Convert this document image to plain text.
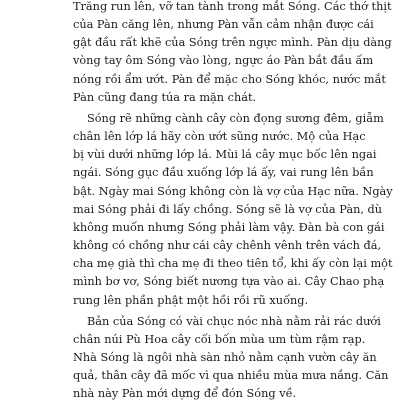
Trăng run lên, vỡ tan tành trong mắt Sóng. Các thớ thịt
của Pàn căng lên, nhưng Pàn vẫn cảm nhận được cái
gật đầu rất khẽ của Sóng trên ngực mình. Pàn dịu dàng
vòng tay ôm Sóng vào lòng, ngực áo Pàn bắt đầu ấm
nóng rồi ẩm ướt. Pàn để mặc cho Sóng khóc, nước mắt
Pàn cũng đang túa ra mặn chát.

Sóng rẽ những cành cây còn đọng sương đêm, giẫm
chân lên lớp lá hãy còn ướt sũng nước. Mộ của Hạc
bị vùi dưới những lớp lá. Mùi lá cây mục bốc lên ngai
ngái. Sóng gục đầu xuống lớp lá ấy, vai rung lên bần
bật. Ngày mai Sóng không còn là vợ của Hạc nữa. Ngày
mai Sóng phải đi lấy chồng. Sóng sẽ là vợ của Pàn, dù
không muốn nhưng Sóng phải làm vậy. Đàn bà con gái
không có chồng như cái cây chênh vênh trên vách đá,
cha mẹ già thì cha mẹ đi theo tiên tổ, khi ấy còn lại một
mình bơ vơ, Sóng biết nương tựa vào ai. Cây Chao phạ
rung lên phần phật một hồi rồi rũ xuống.

Bản của Sóng có vài chục nóc nhà nằm rải rác dưới
chân núi Pù Hoa cây cối bốn mùa um tùm rậm rạp.
Nhà Sóng là ngôi nhà sàn nhỏ nằm cạnh vườn cây ăn
quả, thân cây đã mốc vì qua nhiều mùa mưa nắng. Căn
nhà này Pàn mới dựng để đón Sóng về.
